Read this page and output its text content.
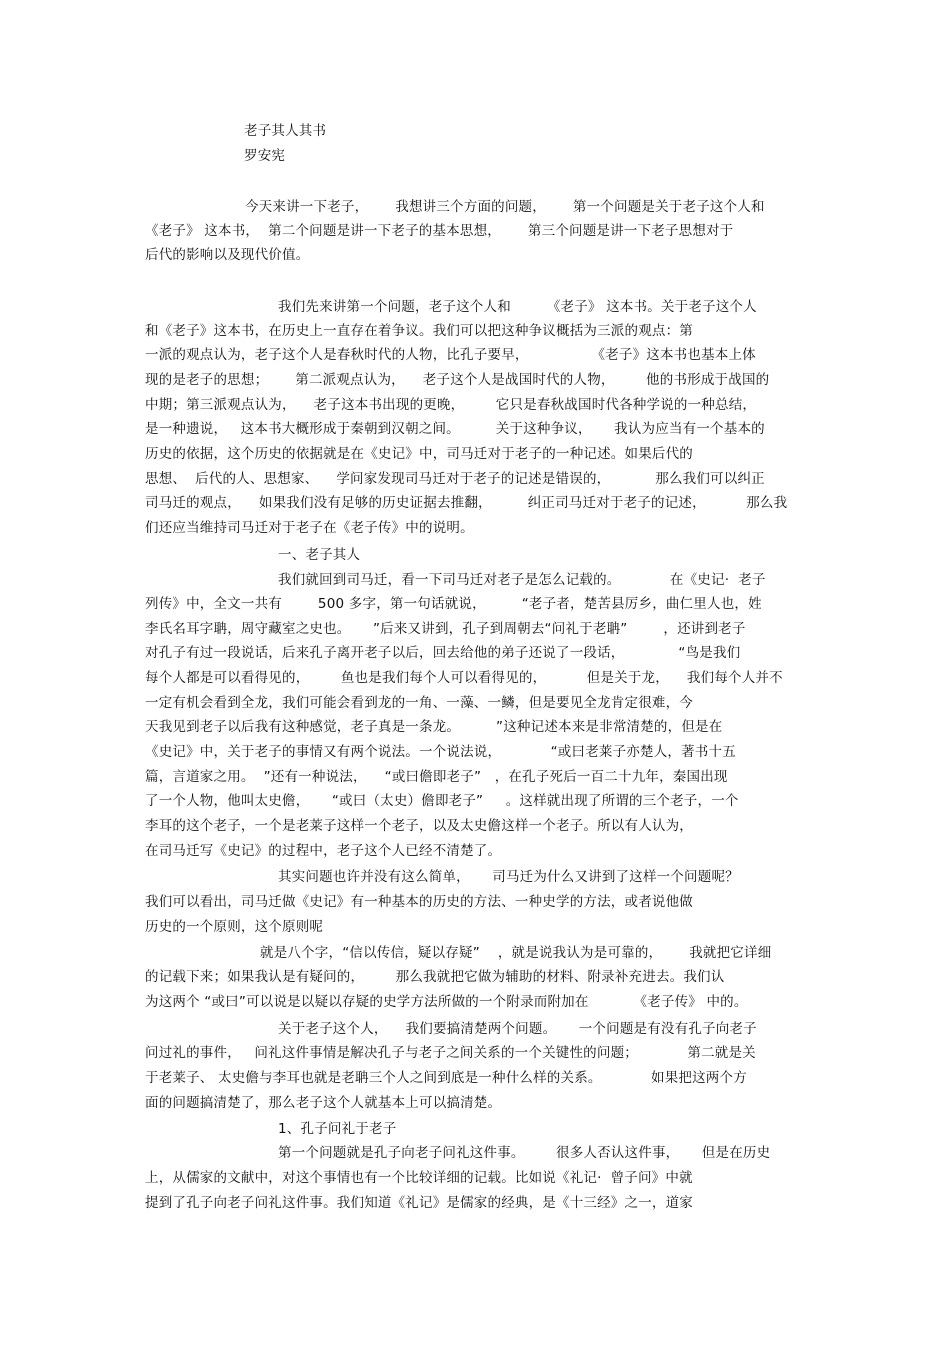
老子其人其书
罗安宪
今天来讲一下老子，      我想讲三个方面的问题，      第一个问题是关于老子这个人和
《老子》 这本书，  第二个问题是讲一下老子的基本思想，      第三个问题是讲一下老子思想对于
后代的影响以及现代价值。
我们先来讲第一个问题，老子这个人和        《老子》 这本书。关于老子这个人
和《老子》这本书，在历史上一直存在着争议。我们可以把这种争议概括为三派的观点：第
一派的观点认为，老子这个人是春秋时代的人物，比孔子要早，              《老子》这本书也基本上体
现的是老子的思想；      第二派观点认为，    老子这个人是战国时代的人物，       他的书形成于战国的
中期；第三派观点认为，    老子这本书出现的更晚，       它只是春秋战国时代各种学说的一种总结，
是一种遗说，   这本书大概形成于秦朝到汉朝之间。        关于这种争议，     我认为应当有一个基本的
历史的依据，这个历史的依据就是在《史记》中，司马迁对于老子的一种记述。如果后代的
思想、  后代的人、思想家、    学问家发现司马迁对于老子的记述是错误的，          那么我们可以纠正
司马迁的观点，    如果我们没有足够的历史证据去推翻，        纠正司马迁对于老子的记述，         那么我
们还应当维持司马迁对于老子在《老子传》中的说明。
一、老子其人
我们就回到司马迁，看一下司马迁对老子是怎么记载的。           在《史记·  老子
列传》中，全文一共有        500 多字，第一句话就说，        “老子者，楚苦县厉乡，曲仁里人也，姓
李氏名耳字聃，周守藏室之史也。     ”后来又讲到，孔子到周朝去“问礼于老聃”        ，还讲到老子
对孔子有过一段说话，后来孔子离开老子以后，回去给他的弟子还说了一段话，            “鸟是我们
每个人都是可以看得见的，       鱼也是我们每个人可以看得见的，         但是关于龙，    我们每个人并不
一定有机会看到全龙，我们可能会看到龙的一角、一藻、一鳞，但是要见全龙肯定很难，今
天我见到老子以后我有这种感觉，老子真是一条龙。        ”这种记述本来是非常清楚的，但是在
《史记》中，关于老子的事情又有两个说法。一个说法说，           “或曰老莱子亦楚人，著书十五
篇，言道家之用。  ”还有一种说法，    “或曰儋即老子”   ，在孔子死后一百二十九年，秦国出现
了一个人物，他叫太史儋，     “或曰（太史）儋即老子”     。这样就出现了所谓的三个老子，一个
李耳的这个老子，一个是老莱子这样一个老子，以及太史儋这样一个老子。所以有人认为，
在司马迁写《史记》的过程中，老子这个人已经不清楚了。
其实问题也许并没有这么简单，     司马迁为什么又讲到了这样一个问题呢？
我们可以看出，司马迁做《史记》有一种基本的历史的方法、一种史学的方法，或者说他做
历史的一个原则，这个原则呢
就是八个字，“信以传信，疑以存疑”    ，就是说我认为是可靠的，      我就把它详细
的记载下来；如果我认是有疑问的，       那么我就把它做为辅助的材料、附录补充进去。我们认
为这两个 “或曰”可以说是以疑以存疑的史学方法所做的一个附录而附加在          《老子传》 中的。
关于老子这个人，    我们要搞清楚两个问题。     一个问题是有没有孔子向老子
问过礼的事件，   问礼这件事情是解决孔子与老子之间关系的一个关键性的问题；           第二就是关
于老莱子、 太史儋与李耳也就是老聃三个人之间到底是一种什么样的关系。           如果把这两个方
面的问题搞清楚了，那么老子这个人就基本上可以搞清楚。
1、孔子问礼于老子
第一个问题就是孔子向老子问礼这件事。       很多人否认这件事，     但是在历史
上，从儒家的文献中，对这个事情也有一个比较详细的记载。比如说《礼记·  曾子问》中就
提到了孔子向老子问礼这件事。我们知道《礼记》是儒家的经典，是《十三经》之一，道家
